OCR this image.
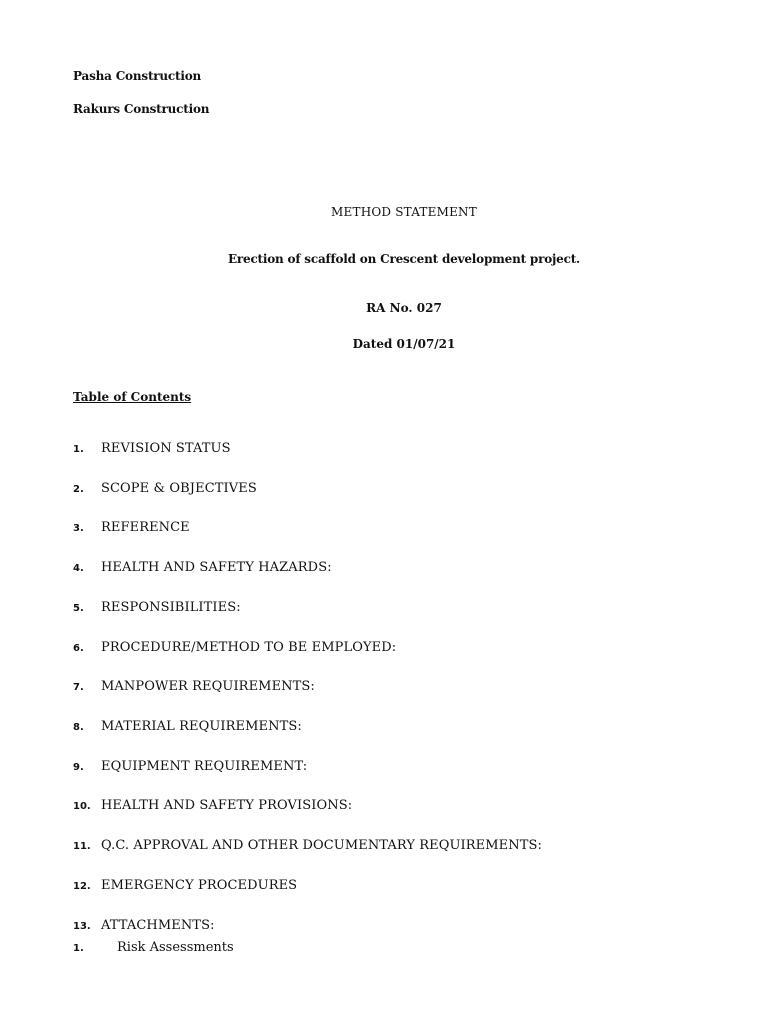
Pasha Construction
Rakurs Construction
METHOD STATEMENT
Erection of scaffold on Crescent development project.
RA No. 027
Dated 01/07/21
Table of Contents
1.	REVISION STATUS
2.	SCOPE & OBJECTIVES
3.	REFERENCE
4.	HEALTH AND SAFETY HAZARDS:
5.	RESPONSIBILITIES:
6.	PROCEDURE/METHOD TO BE EMPLOYED:
7.	MANPOWER REQUIREMENTS:
8.	MATERIAL REQUIREMENTS:
9.	EQUIPMENT REQUIREMENT:
10. HEALTH AND SAFETY PROVISIONS:
11. Q.C. APPROVAL AND OTHER DOCUMENTARY REQUIREMENTS:
12. EMERGENCY PROCEDURES
13. ATTACHMENTS:
1.	Risk Assessments
